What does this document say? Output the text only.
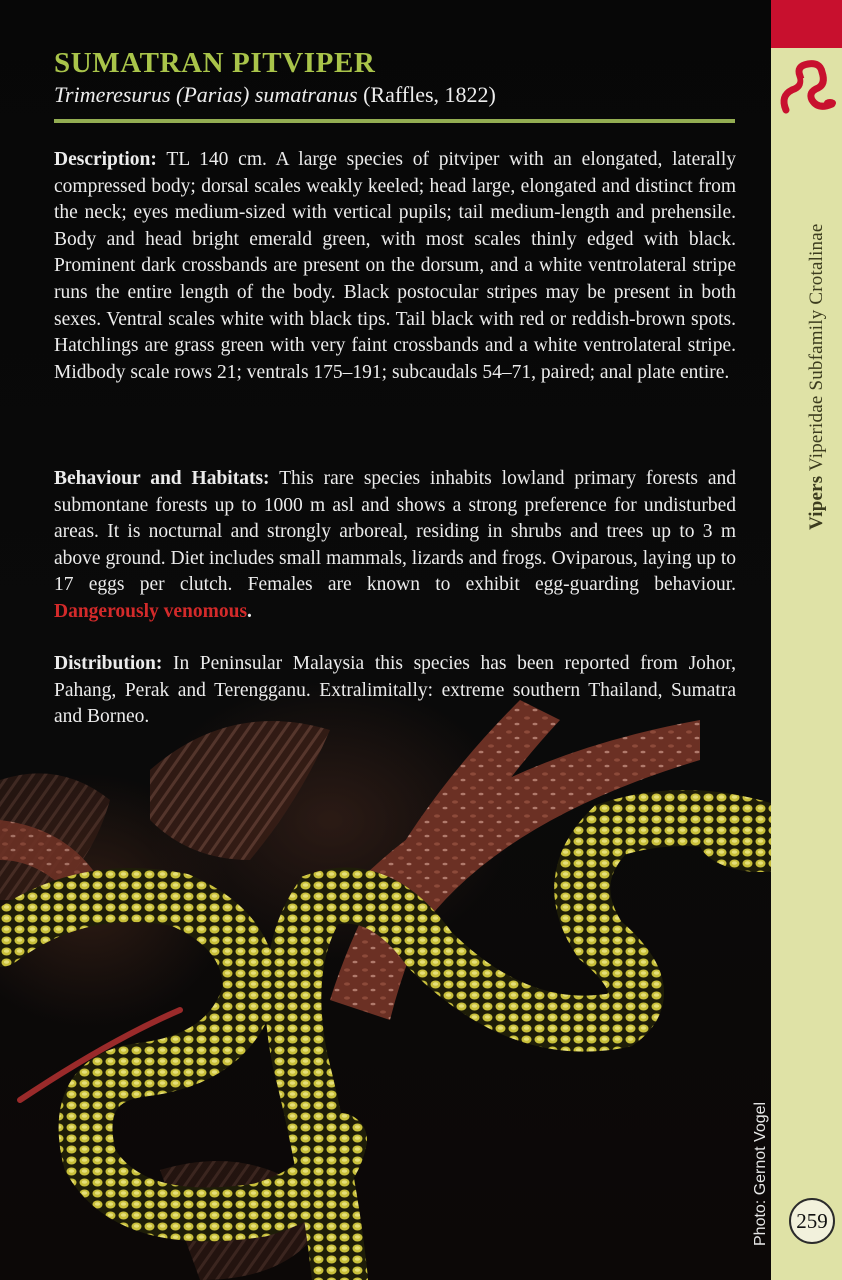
Vipers Viperidae Subfamily Crotalinae
259
Photo: Gernot Vogel
SUMATRAN PITVIPER

Trimeresurus (Parias) sumatranus (Raffles, 1822)

Description: TL 140 cm. A large species of pitviper with an elongated, laterally compressed body; dorsal scales weakly keeled; head large, elongated and distinct from the neck; eyes medium-sized with vertical pupils; tail medium-length and prehensile. Body and head bright emerald green, with most scales thinly edged with black. Prominent dark crossbands are present on the dorsum, and a white ventrolateral stripe runs the entire length of the body. Black postocular stripes may be present in both sexes. Ventral scales white with black tips. Tail black with red or reddish-brown spots. Hatchlings are grass green with very faint crossbands and a white ventrolateral stripe. Midbody scale rows 21; ventrals 175–191; subcaudals 54–71, paired; anal plate entire.

Behaviour and Habitats: This rare species inhabits lowland primary forests and submontane forests up to 1000 m asl and shows a strong preference for undisturbed areas. It is nocturnal and strongly arboreal, residing in shrubs and trees up to 3 m above ground. Diet includes small mammals, lizards and frogs. Oviparous, laying up to 17 eggs per clutch. Females are known to exhibit egg-guarding behaviour. Dangerously venomous.

Distribution: In Peninsular Malaysia this species has been reported from Johor, Pahang, Perak and Terengganu. Extralimitally: extreme southern Thailand, Sumatra and Borneo.
